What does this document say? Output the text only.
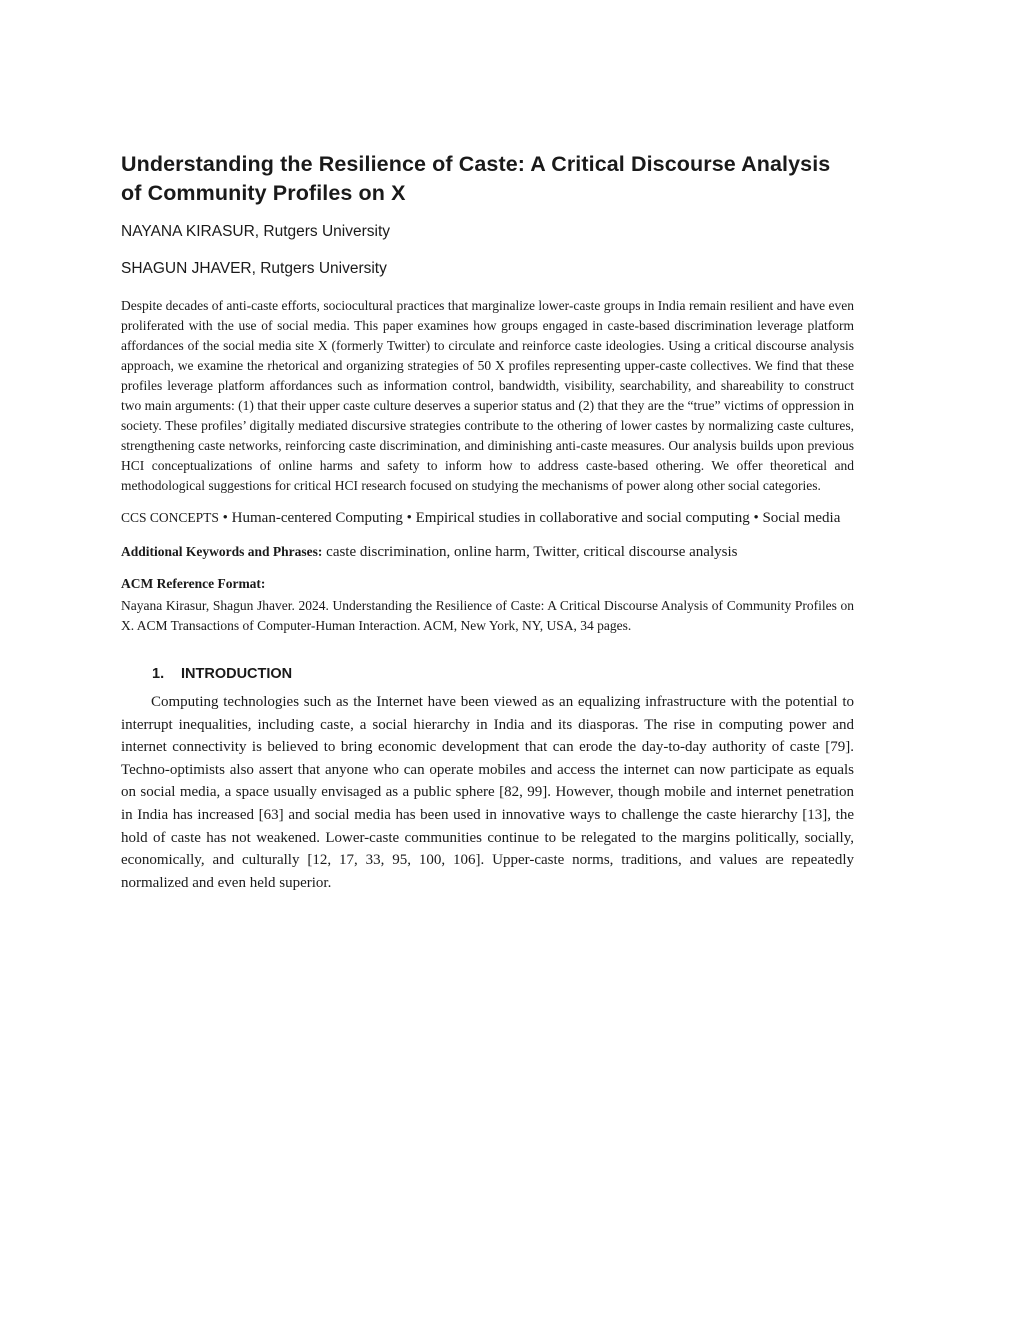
Understanding the Resilience of Caste: A Critical Discourse Analysis of Community Profiles on X
NAYANA KIRASUR, Rutgers University
SHAGUN JHAVER, Rutgers University

Despite decades of anti-caste efforts, sociocultural practices that marginalize lower-caste groups in India remain resilient and have even proliferated with the use of social media. This paper examines how groups engaged in caste-based discrimination leverage platform affordances of the social media site X (formerly Twitter) to circulate and reinforce caste ideologies. Using a critical discourse analysis approach, we examine the rhetorical and organizing strategies of 50 X profiles representing upper-caste collectives. We find that these profiles leverage platform affordances such as information control, bandwidth, visibility, searchability, and shareability to construct two main arguments: (1) that their upper caste culture deserves a superior status and (2) that they are the “true” victims of oppression in society. These profiles’ digitally mediated discursive strategies contribute to the othering of lower castes by normalizing caste cultures, strengthening caste networks, reinforcing caste discrimination, and diminishing anti-caste measures. Our analysis builds upon previous HCI conceptualizations of online harms and safety to inform how to address caste-based othering. We offer theoretical and methodological suggestions for critical HCI research focused on studying the mechanisms of power along other social categories.

CCS CONCEPTS • Human-centered Computing • Empirical studies in collaborative and social computing • Social media

Additional Keywords and Phrases: caste discrimination, online harm, Twitter, critical discourse analysis

ACM Reference Format:

Nayana Kirasur, Shagun Jhaver. 2024. Understanding the Resilience of Caste: A Critical Discourse Analysis of Community Profiles on X. ACM Transactions of Computer-Human Interaction. ACM, New York, NY, USA, 34 pages.

1. INTRODUCTION

Computing technologies such as the Internet have been viewed as an equalizing infrastructure with the potential to interrupt inequalities, including caste, a social hierarchy in India and its diasporas. The rise in computing power and internet connectivity is believed to bring economic development that can erode the day-to-day authority of caste [79]. Techno-optimists also assert that anyone who can operate mobiles and access the internet can now participate as equals on social media, a space usually envisaged as a public sphere [82, 99]. However, though mobile and internet penetration in India has increased [63] and social media has been used in innovative ways to challenge the caste hierarchy [13], the hold of caste has not weakened. Lower-caste communities continue to be relegated to the margins politically, socially, economically, and culturally [12, 17, 33, 95, 100, 106]. Upper-caste norms, traditions, and values are repeatedly normalized and even held superior.
